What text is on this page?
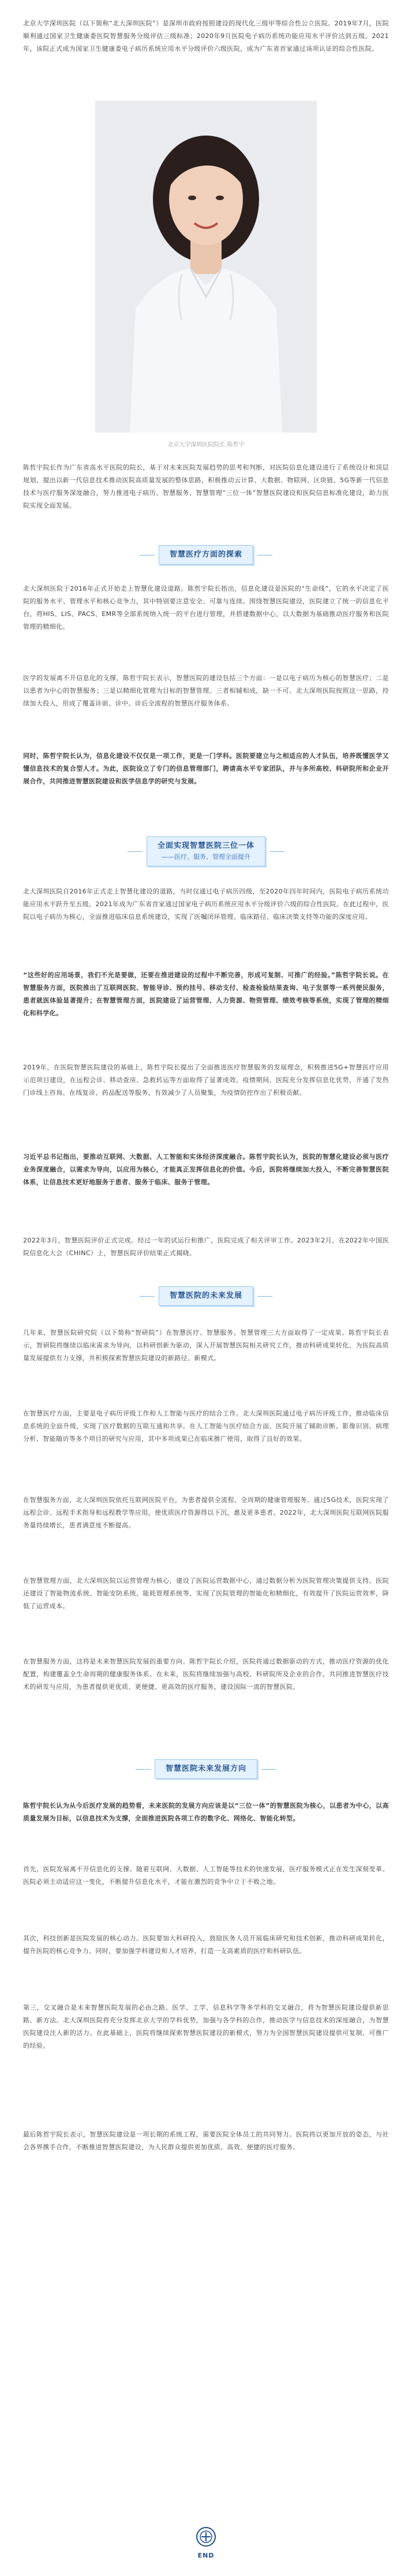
北京大学深圳医院（以下简称“北大深圳医院”）是深圳市政府按照建设的现代化三级甲等综合性公立医院。2019年7月，医院顺利通过国家卫生健康委医院智慧服务分级评估三级标准；2020年9月医院电子病历系统功能应用水平评价达到五级。2021年，该院正式成为国家卫生健康委电子病历系统应用水平分级评价六级医院，成为广东省首家通过该项认证的综合性医院。

北京大学深圳医院院长 陈哲宇

陈哲宇院长作为广东省高水平医院的院长，基于对未来医院发展趋势的思考和判断，对医院信息化建设进行了系统设计和顶层规划，提出以新一代信息技术推动医院高质量发展的整体思路，积极推动云计算、大数据、物联网、区块链、5G等新一代信息技术与医疗服务深度融合，努力推进电子病历、智慧服务、智慧管理“三位一体”智慧医院建设和医院信息标准化建设，助力医院实现全面发展。

智慧医疗方面的探索

北大深圳医院于2016年正式开始走上智慧化建设道路。陈哲宇院长指出，信息化建设是医院的“生命线”，它的水平决定了医院的服务水平、管理水平和核心竞争力，其中特别要注意安全、可靠与连续。围绕智慧医院建设，医院建立了统一的信息化平台，将HIS、LIS、PACS、EMR等全部系统纳入统一的平台进行管理，并搭建数据中心，以大数据为基础推动医疗服务和医院管理的精细化。

医学的发展离不开信息化的支撑，陈哲宇院长表示，智慧医院的建设包括三个方面：一是以电子病历为核心的智慧医疗；二是以患者为中心的智慧服务；三是以精细化管理为目标的智慧管理。三者相辅相成，缺一不可。北大深圳医院按照这一思路，持续加大投入，形成了覆盖诊前、诊中、诊后全流程的智慧医疗服务体系。

同时，陈哲宇院长认为，信息化建设不仅仅是一项工作，更是一门学科。医院要建立与之相适应的人才队伍，培养既懂医学又懂信息技术的复合型人才。为此，医院设立了专门的信息管理部门，聘请高水平专家团队，并与多所高校、科研院所和企业开展合作，共同推进智慧医院建设和医学信息学的研究与发展。

全面实现智慧医院三位一体
——医疗、服务、管理全面提升

北大深圳医院自2016年正式走上智慧化建设的道路，当时仅通过电子病历四级，至2020年四年时间内，医院电子病历系统功能应用水平跃升至五级，2021年成为广东省首家通过国家电子病历系统应用水平分级评价六级的综合性医院。在此过程中，医院以电子病历为核心，全面推进临床信息系统建设，实现了医嘱闭环管理、临床路径、临床决策支持等功能的深度应用。

“这些好的应用场景，我们不光是要做，还要在推进建设的过程中不断完善，形成可复制、可推广的经验。”陈哲宇院长说。在智慧服务方面，医院推出了互联网医院、智能导诊、预约挂号、移动支付、检查检验结果查询、电子发票等一系列便民服务，患者就医体验显著提升；在智慧管理方面，医院建设了运营管理、人力资源、物资管理、绩效考核等系统，实现了管理的精细化和科学化。

2019年，在医院智慧医院建设的基础上，陈哲宇院长提出了全面推进医疗智慧服务的发展理念，积极推进5G+智慧医疗应用示范项目建设，在远程会诊、移动查房、急救转运等方面取得了显著成效。疫情期间，医院充分发挥信息化优势，开通了发热门诊线上咨询、在线复诊、药品配送等服务，有效减少了人员聚集，为疫情防控作出了积极贡献。

习近平总书记指出，要推动互联网、大数据、人工智能和实体经济深度融合。陈哲宇院长认为，医院的智慧化建设必须与医疗业务深度融合，以需求为导向，以应用为核心，才能真正发挥信息化的价值。今后，医院将继续加大投入，不断完善智慧医院体系，让信息技术更好地服务于患者、服务于临床、服务于管理。

2022年3月，智慧医院评价正式完成。经过一年的试运行和推广，医院完成了相关评审工作。2023年2月，在2022年中国医院信息化大会（CHINC）上，智慧医院评价结果正式揭晓。

智慧医院的未来发展

几年来，智慧医院研究院（以下简称“智研院”）在智慧医疗、智慧服务、智慧管理三大方面取得了一定成果。陈哲宇院长表示，智研院将继续以临床需求为导向，以科研创新为驱动，深入开展智慧医院相关研究工作，推动科研成果转化，为医院高质量发展提供有力支撑，并积极探索智慧医院建设的新路径、新模式。

在智慧医疗方面，主要是电子病历评级工作和人工智能与医疗的结合工作。北大深圳医院通过电子病历评级工作，推动临床信息系统的全面升级，实现了医疗数据的互联互通和共享。在人工智能与医疗结合方面，医院开展了辅助诊断、影像识别、病理分析、智能随访等多个项目的研究与应用，其中多项成果已在临床推广使用，取得了良好的效果。

在智慧服务方面，北大深圳医院依托互联网医院平台，为患者提供全流程、全周期的健康管理服务。通过5G技术，医院实现了远程会诊、远程手术指导和远程教学等应用，使优质医疗资源得以下沉，惠及更多患者。2022年，北大深圳医院互联网医院服务量持续增长，患者满意度不断提高。

在智慧管理方面，北大深圳医院以运营管理为核心，建设了医院运营数据中心，通过数据分析为医院管理决策提供支持。医院还建设了智能物流系统、智能安防系统、能耗管理系统等，实现了医院管理的智能化和精细化，有效提升了医院运营效率，降低了运营成本。

在智慧服务方面，这将是未来智慧医院发展的重要方向。陈哲宇院长介绍，医院将通过数据驱动的方式，推动医疗资源的优化配置，构建覆盖全生命周期的健康服务体系。在未来，医院将继续加强与高校、科研院所及企业的合作，共同推进智慧医疗技术的研发与应用，为患者提供更优质、更便捷、更高效的医疗服务，建设国际一流的智慧医院。

智慧医院未来发展方向

陈哲宇院长认为从今后医疗发展的趋势看，未来医院的发展方向应该是以“三位一体”的智慧医院为核心，以患者为中心，以高质量发展为目标，以信息技术为支撑，全面推进医院各项工作的数字化、网络化、智能化转型。

首先，医院发展离不开信息化的支撑。随着互联网、大数据、人工智能等技术的快速发展，医疗服务模式正在发生深刻变革。医院必须主动适应这一变化，不断提升信息化水平，才能在激烈的竞争中立于不败之地。

其次，科技创新是医院发展的核心动力。医院要加大科研投入，鼓励医务人员开展临床研究和技术创新，推动科研成果转化，提升医院的核心竞争力。同时，要加强学科建设和人才培养，打造一支高素质的医疗和科研队伍。

第三，交叉融合是未来智慧医院发展的必由之路。医学、工学、信息科学等多学科的交叉融合，将为智慧医院建设提供新思路、新方法。北大深圳医院将充分发挥北京大学的学科优势，加强与各学科的合作，推动医学与信息技术的深度融合，为智慧医院建设注入新的活力。在此基础上，医院将继续探索智慧医院建设的新模式，努力为全国智慧医院建设提供可复制、可推广的经验。

最后陈哲宇院长表示，智慧医院建设是一项长期的系统工程，需要医院全体员工的共同努力。医院将以更加开放的姿态，与社会各界携手合作，不断推进智慧医院建设，为人民群众提供更加优质、高效、便捷的医疗服务。

END
